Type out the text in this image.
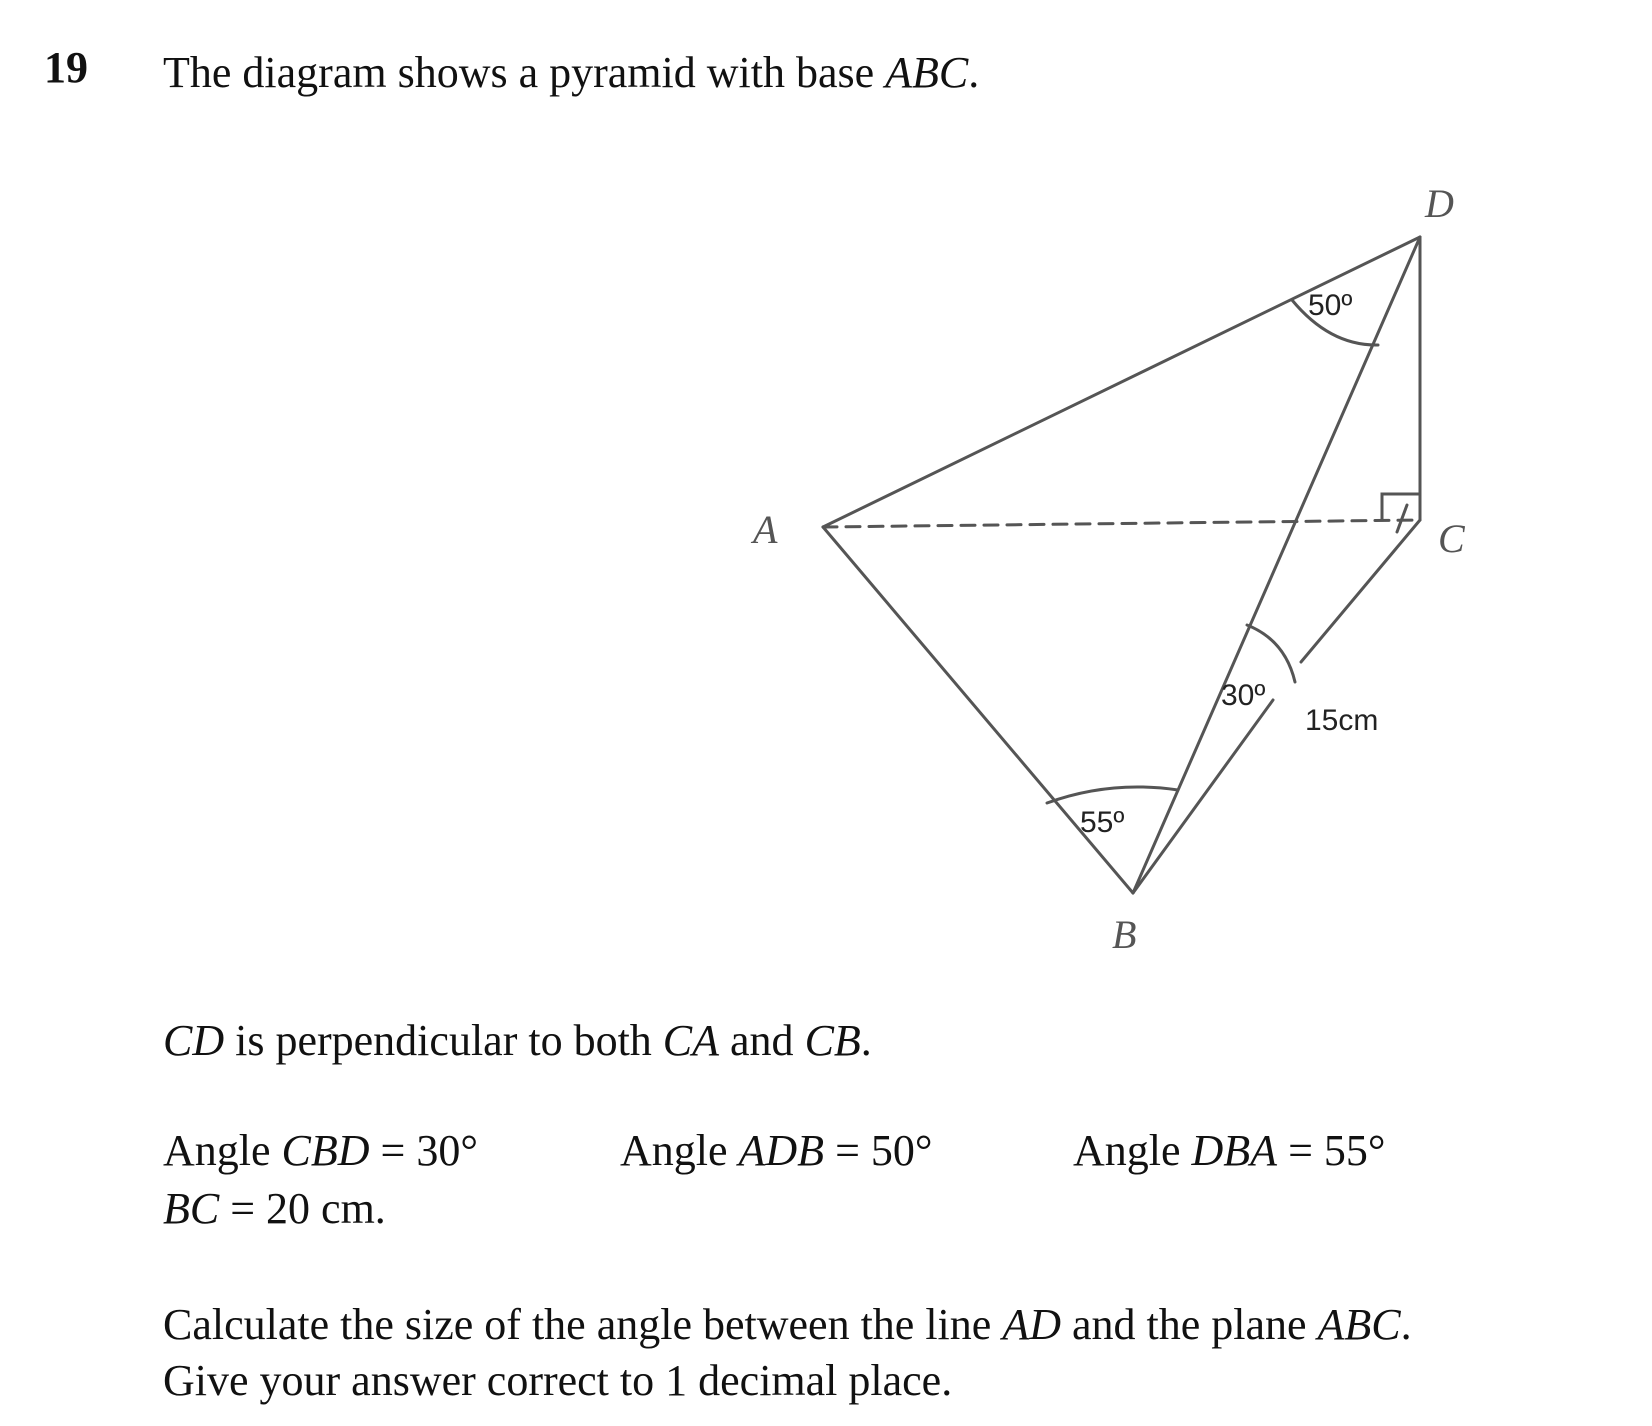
19 The diagram shows a pyramid with base ABC.
D
A	C
B
50º
30º
55º
15cm
CD is perpendicular to both CA and CB.
Angle CBD = 30°	Angle ADB = 50°	Angle DBA = 55°
BC = 20 cm.
Calculate the size of the angle between the line AD and the plane ABC.
Give your answer correct to 1 decimal place.
